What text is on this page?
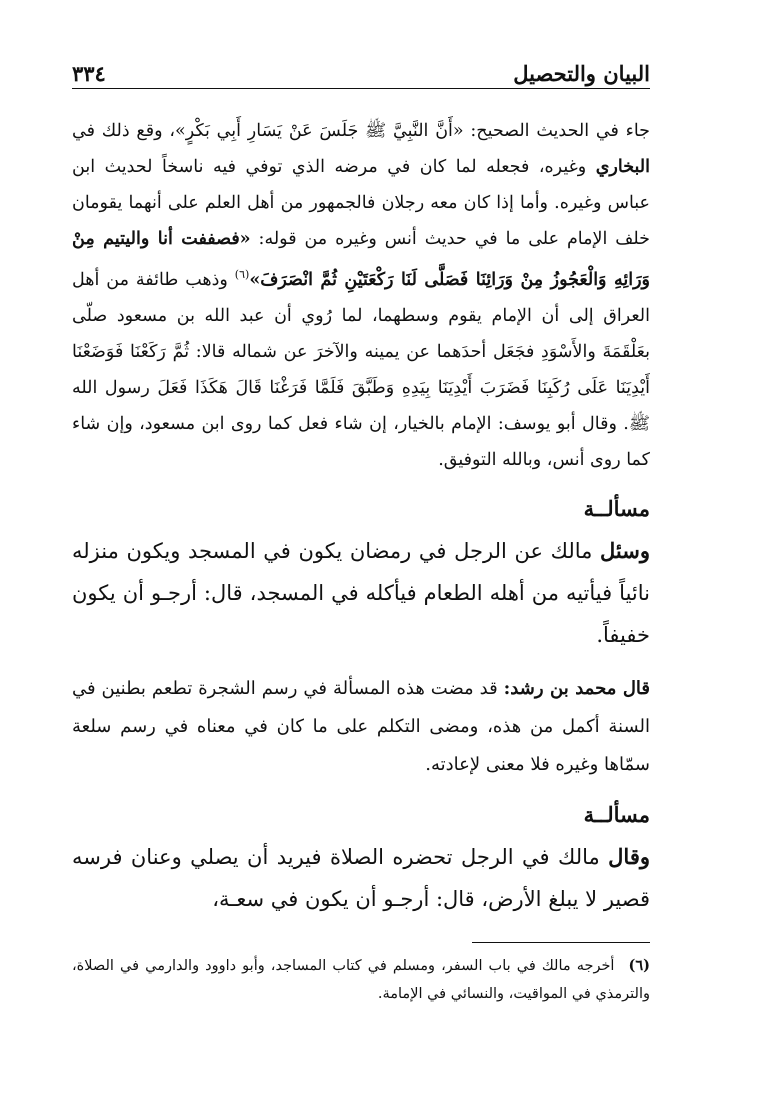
البيان والتحصيل
٣٣٤

جاء في الحديث الصحيح: «أَنَّ النَّبِيَّ ﷺ جَلَسَ عَنْ يَسَارِ أَبِي بَكْرٍ»، وقع ذلك في البخاري وغيره، فجعله لما كان في مرضه الذي توفي فيه ناسخاً لحديث ابن عباس وغيره. وأما إذا كان معه رجلان فالجمهور من أهل العلم على أنهما يقومان خلف الإمام على ما في حديث أنس وغيره من قوله: «فصففت أنا واليتيم مِنْ وَرَائِهِ وَالْعَجُوزُ مِنْ وَرَائِنَا فَصَلَّى لَنَا رَكْعَتَيْنِ ثُمَّ انْصَرَفَ»$^{(٦)}$ وذهب طائفة من أهل العراق إلى أن الإمام يقوم وسطهما، لما رُوي أن عبد الله بن مسعود صلّى بعَلْقَمَةَ والأَسْوَدِ فجَعَل أحدَهما عن يمينه والآخرَ عن شماله قالا: ثُمَّ رَكَعْنَا فَوَضَعْنَا أَيْدِيَنَا عَلَى رُكَبِنَا فَضَرَبَ أَيْدِيَنَا بِيَدِهِ وَطَبَّقَ فَلَمَّا فَرَغْنَا قَالَ هَكَذَا فَعَلَ رسول الله ﷺ. وقال أبو يوسف: الإمام بالخيار، إن شاء فعل كما روى ابن مسعود، وإن شاء كما روى أنس، وبالله التوفيق.

مسألــة

وسئل مالك عن الرجل في رمضان يكون في المسجد ويكون منزله نائياً فيأتيه من أهله الطعام فيأكله في المسجد، قال: أرجـو أن يكون خفيفاً.

قال محمد بن رشد: قد مضت هذه المسألة في رسم الشجرة تطعم بطنين في السنة أكمل من هذه، ومضى التكلم على ما كان في معناه في رسم سلعة سمّاها وغيره فلا معنى لإعادته.

مسألــة

وقال مالك في الرجل تحضره الصلاة فيريد أن يصلي وعنان فرسه قصير لا يبلغ الأرض، قال: أرجـو أن يكون في سعـة،

(٦)أخرجه مالك في باب السفر، ومسلم في كتاب المساجد، وأبو داوود والدارمي في الصلاة، والترمذي في المواقيت، والنسائي في الإمامة.
